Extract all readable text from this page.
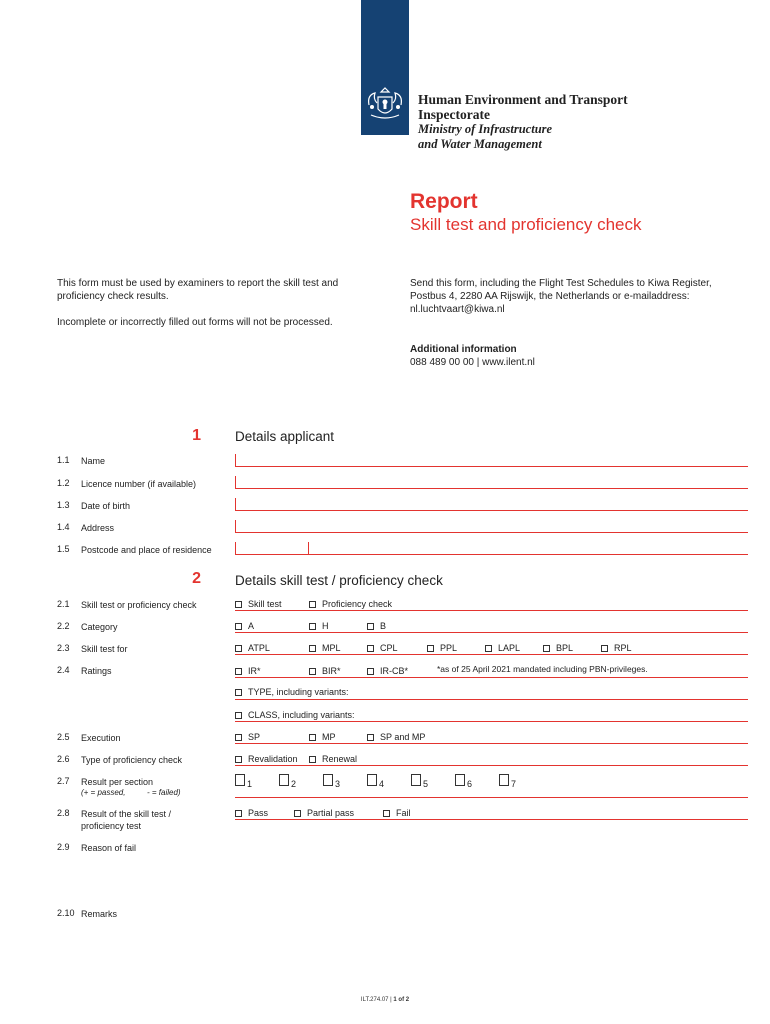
Human Environment and Transport
Inspectorate
Ministry of Infrastructure
and Water Management
Report
Skill test and proficiency check
This form must be used by examiners to report the skill test and proficiency check results.
Incomplete or incorrectly filled out forms will not be processed.
Send this form, including the Flight Test Schedules to Kiwa Register, Postbus 4, 2280 AA Rijswijk, the Netherlands or e-mailaddress: nl.luchtvaart@kiwa.nl
Additional information
088 489 00 00 | www.ilent.nl
1	Details applicant
1.1 Name
1.2 Licence number (if available)
1.3 Date of birth
1.4 Address
1.5 Postcode and place of residence
2	Details skill test / proficiency check
2.1 Skill test or proficiency check	Skill test	Proficiency check
2.2 Category	A	H	B
2.3 Skill test for	ATPL	MPL	CPL	PPL	LAPL	BPL	RPL
2.4 Ratings	IR*	BIR*	IR-CB*	*as of 25 April 2021 mandated including PBN-privileges.
TYPE, including variants:
CLASS, including variants:
2.5 Execution	SP	MP	SP and MP
2.6 Type of proficiency check	Revalidation	Renewal
2.7 Result per section
(+ = passed,	- = failed)
1	2	3	4	5	6	7
2.8 Result of the skill test /
proficiency test
Pass	Partial pass	Fail
2.9 Reason of fail
2.10 Remarks
ILT.274.07 | 1 of 2
